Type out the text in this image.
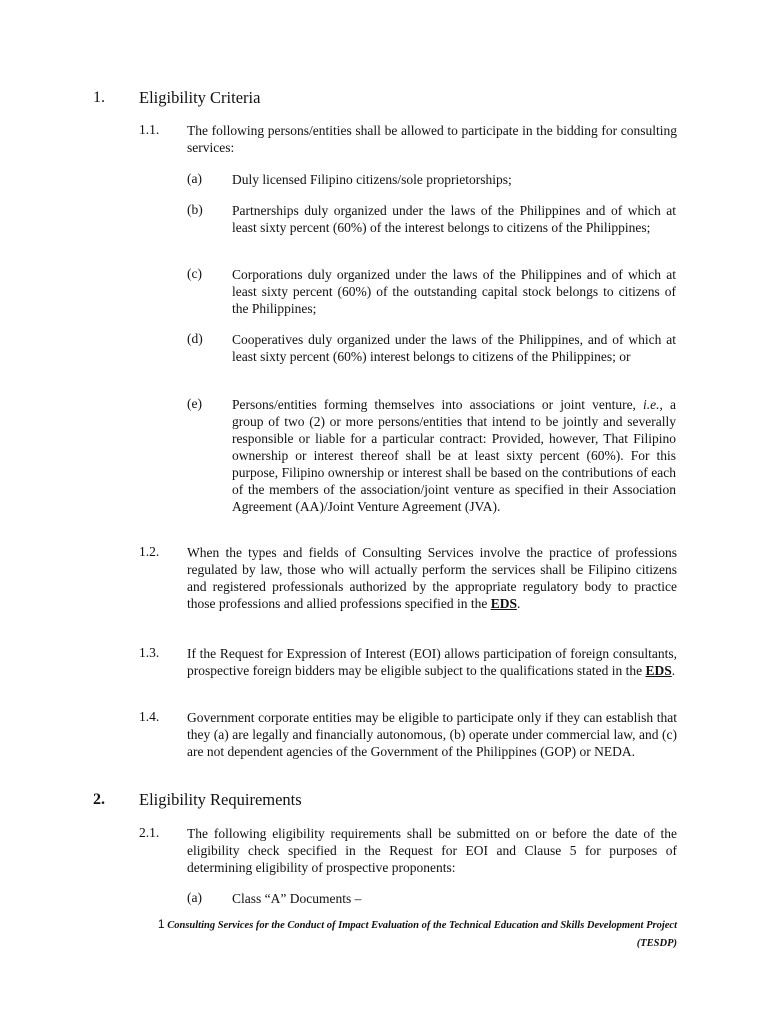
1. Eligibility Criteria
1.1. The following persons/entities shall be allowed to participate in the bidding for consulting services:
(a) Duly licensed Filipino citizens/sole proprietorships;
(b) Partnerships duly organized under the laws of the Philippines and of which at least sixty percent (60%) of the interest belongs to citizens of the Philippines;
(c) Corporations duly organized under the laws of the Philippines and of which at least sixty percent (60%) of the outstanding capital stock belongs to citizens of the Philippines;
(d) Cooperatives duly organized under the laws of the Philippines, and of which at least sixty percent (60%) interest belongs to citizens of the Philippines; or
(e) Persons/entities forming themselves into associations or joint venture, i.e., a group of two (2) or more persons/entities that intend to be jointly and severally responsible or liable for a particular contract: Provided, however, That Filipino ownership or interest thereof shall be at least sixty percent (60%). For this purpose, Filipino ownership or interest shall be based on the contributions of each of the members of the association/joint venture as specified in their Association Agreement (AA)/Joint Venture Agreement (JVA).
1.2. When the types and fields of Consulting Services involve the practice of professions regulated by law, those who will actually perform the services shall be Filipino citizens and registered professionals authorized by the appropriate regulatory body to practice those professions and allied professions specified in the EDS.
1.3. If the Request for Expression of Interest (EOI) allows participation of foreign consultants, prospective foreign bidders may be eligible subject to the qualifications stated in the EDS.
1.4. Government corporate entities may be eligible to participate only if they can establish that they (a) are legally and financially autonomous, (b) operate under commercial law, and (c) are not dependent agencies of the Government of the Philippines (GOP) or NEDA.
2. Eligibility Requirements
2.1. The following eligibility requirements shall be submitted on or before the date of the eligibility check specified in the Request for EOI and Clause 5 for purposes of determining eligibility of prospective proponents:
(a) Class “A” Documents –
1 Consulting Services for the Conduct of Impact Evaluation of the Technical Education and Skills Development Project
(TESDP)
